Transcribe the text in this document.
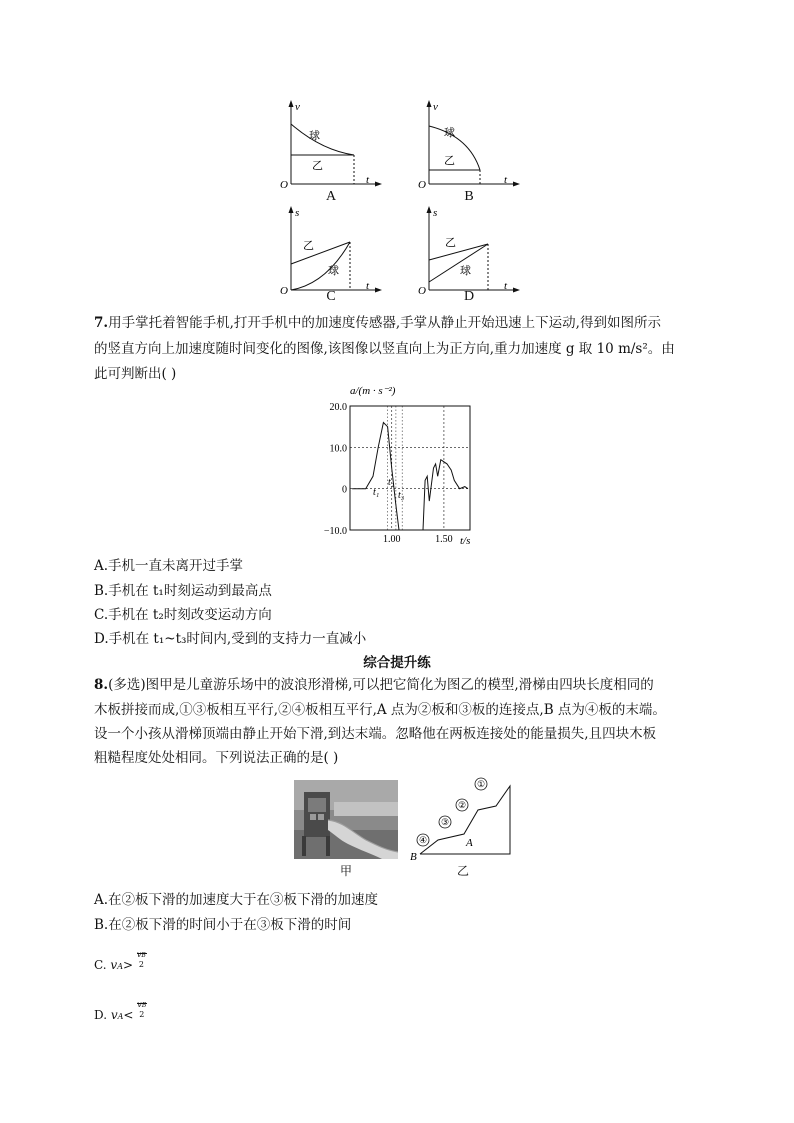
v
t
O
球
乙
A
v
t
O
球
乙
B
s
t
O
乙
球
C
s
t
O
乙
球
D
7.用手掌托着智能手机,打开手机中的加速度传感器,手掌从静止开始迅速上下运动,得到如图所示
的竖直方向上加速度随时间变化的图像,该图像以竖直向上为正方向,重力加速度 g 取 10 m/s²。由
此可判断出( )
a/(m · s⁻²)
20.0
10.0
0
−10.0
1.00	1.50 t/s
t₁
t₂
t₃
A.手机一直未离开过手掌
B.手机在 t₁时刻运动到最高点
C.手机在 t₂时刻改变运动方向
D.手机在 t₁~t₃时间内,受到的支持力一直减小
综合提升练
8.(多选)图甲是儿童游乐场中的波浪形滑梯,可以把它简化为图乙的模型,滑梯由四块长度相同的
木板拼接而成,①③板相互平行,②④板相互平行,A 点为②板和③板的连接点,B 点为④板的末端。
设一个小孩从滑梯顶端由静止开始下滑,到达末端。忽略他在两板连接处的能量损失,且四块木板
粗糙程度处处相同。下列说法正确的是( )
甲
①
②
③
④	A
B
乙
A.在②板下滑的加速度大于在③板下滑的加速度
B.在②板下滑的时间小于在③板下滑的时间
C. vA>
vB
2
D. vA<
vB
2
